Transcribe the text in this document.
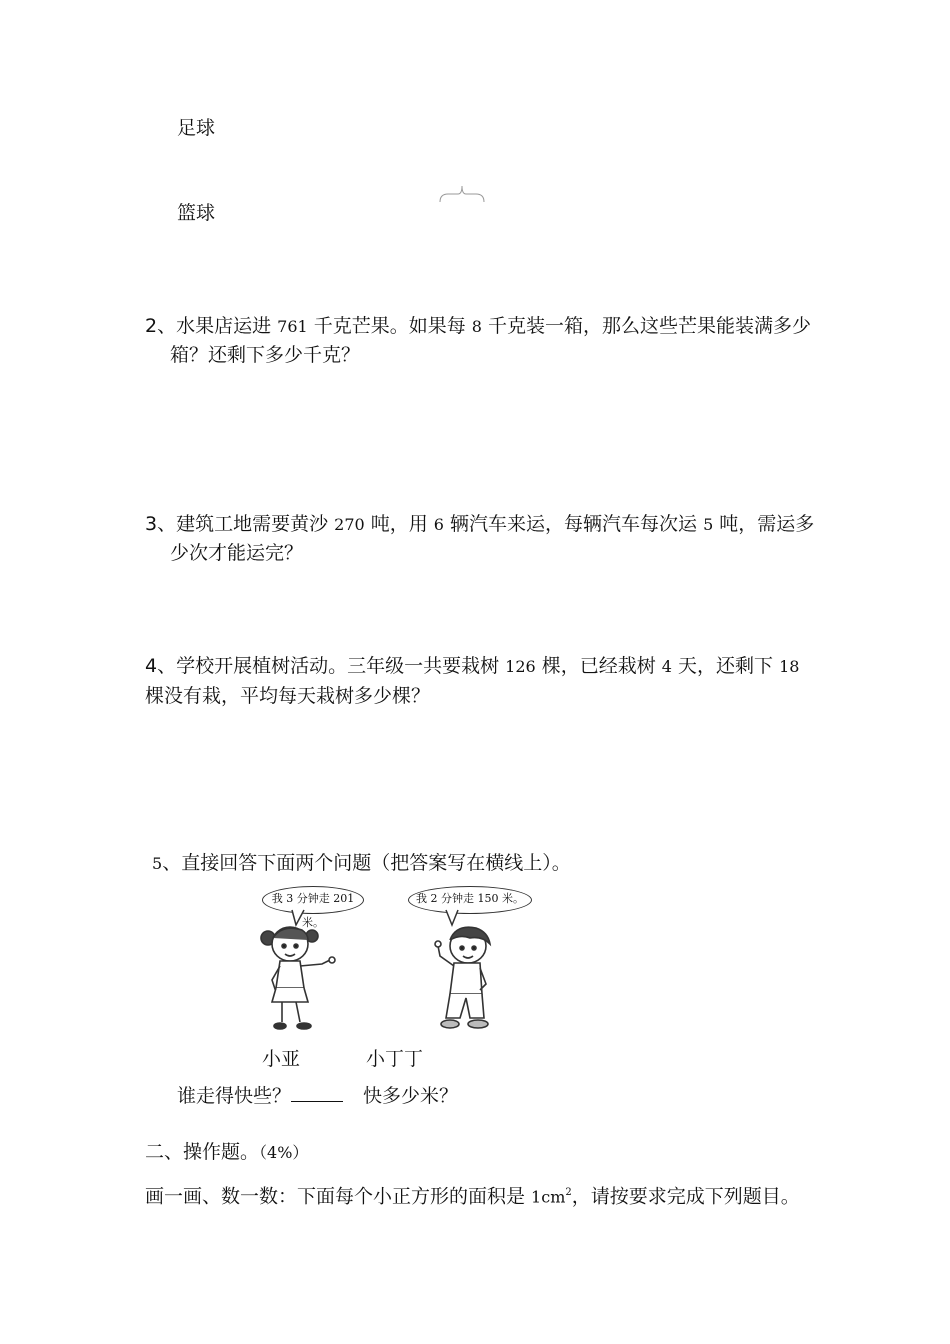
足球
篮球
2、水果店运进 761 千克芒果。如果每 8 千克装一箱，那么这些芒果能装满多少
箱？还剩下多少千克？
3、建筑工地需要黄沙 270 吨，用 6 辆汽车来运，每辆汽车每次运 5 吨，需运多
少次才能运完？
4、学校开展植树活动。三年级一共要栽树 126 棵，已经栽树 4 天，还剩下 18
棵没有栽，平均每天栽树多少棵？
5、直接回答下面两个问题（把答案写在横线上）。
我 3 分钟走 201 米。
我 2 分钟走 150 米。
小亚	小丁丁
谁走得快些？	快多少米？
二、操作题。（4%）
画一画、数一数：下面每个小正方形的面积是 $1cm^2$，请按要求完成下列题目。
